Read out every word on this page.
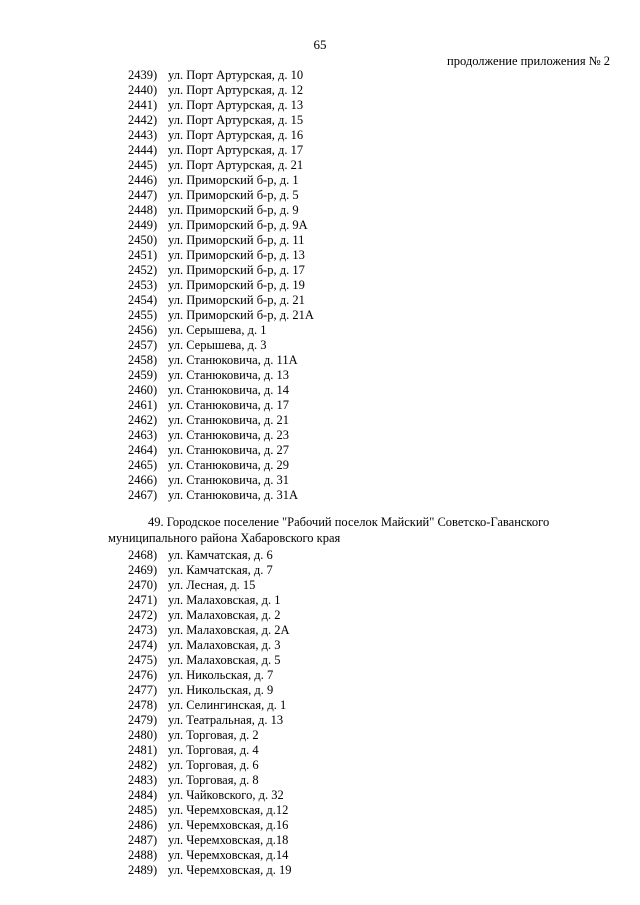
65
продолжение приложения № 2
2439) ул. Порт Артурская, д. 10
2440) ул. Порт Артурская, д. 12
2441) ул. Порт Артурская, д. 13
2442) ул. Порт Артурская, д. 15
2443) ул. Порт Артурская, д. 16
2444) ул. Порт Артурская, д. 17
2445) ул. Порт Артурская, д. 21
2446) ул. Приморский б-р, д. 1
2447) ул. Приморский б-р, д. 5
2448) ул. Приморский б-р, д. 9
2449) ул. Приморский б-р, д. 9А
2450) ул. Приморский б-р, д. 11
2451) ул. Приморский б-р, д. 13
2452) ул. Приморский б-р, д. 17
2453) ул. Приморский б-р, д. 19
2454) ул. Приморский б-р, д. 21
2455) ул. Приморский б-р, д. 21А
2456) ул. Серышева, д. 1
2457) ул. Серышева, д. 3
2458) ул. Станюковича, д. 11А
2459) ул. Станюковича, д. 13
2460) ул. Станюковича, д. 14
2461) ул. Станюковича, д. 17
2462) ул. Станюковича, д. 21
2463) ул. Станюковича, д. 23
2464) ул. Станюковича, д. 27
2465) ул. Станюковича, д. 29
2466) ул. Станюковича, д. 31
2467) ул. Станюковича, д. 31А
49. Городское поселение "Рабочий поселок Майский" Советско-Гаванского муниципального района Хабаровского края
2468) ул. Камчатская, д. 6
2469) ул. Камчатская, д. 7
2470) ул. Лесная, д. 15
2471) ул. Малаховская, д. 1
2472) ул. Малаховская, д. 2
2473) ул. Малаховская, д. 2А
2474) ул. Малаховская, д. 3
2475) ул. Малаховская, д. 5
2476) ул. Никольская, д. 7
2477) ул. Никольская, д. 9
2478) ул. Селингинская, д. 1
2479) ул. Театральная, д. 13
2480) ул. Торговая, д. 2
2481) ул. Торговая, д. 4
2482) ул. Торговая, д. 6
2483) ул. Торговая, д. 8
2484) ул. Чайковского, д. 32
2485) ул. Черемховская, д.12
2486) ул. Черемховская, д.16
2487) ул. Черемховская, д.18
2488) ул. Черемховская, д.14
2489) ул. Черемховская, д. 19
